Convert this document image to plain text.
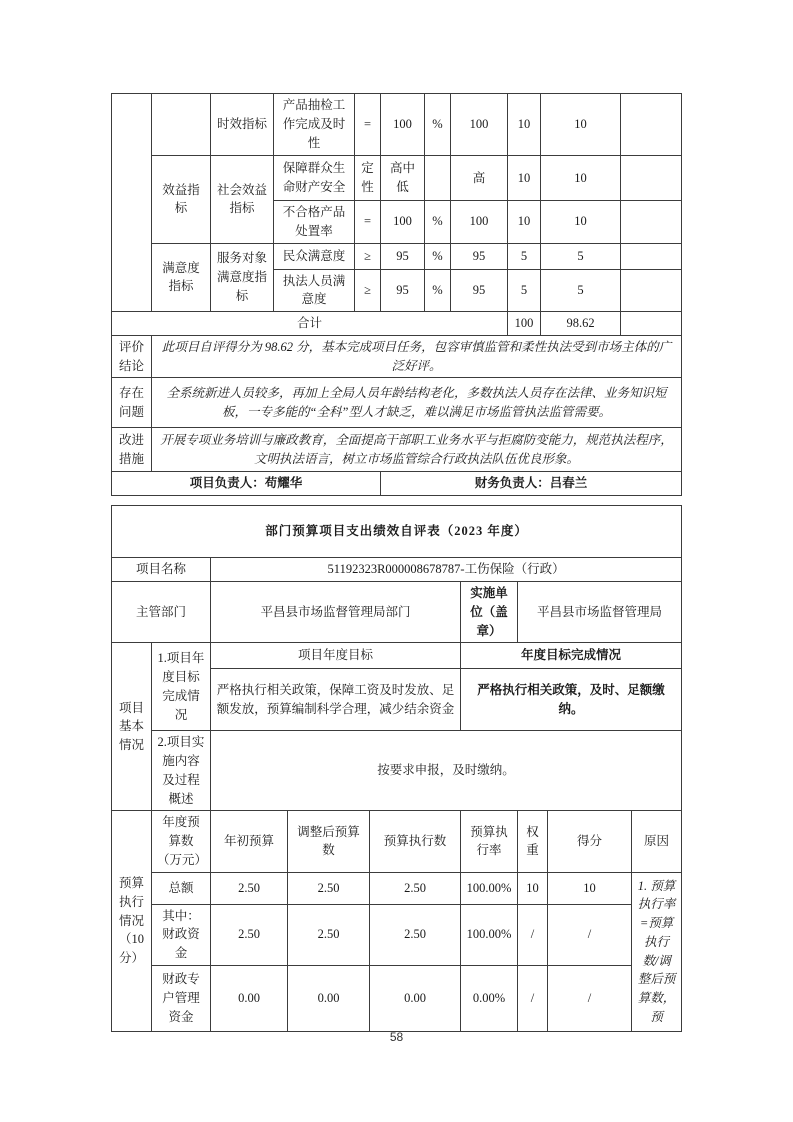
		时效指标	产品抽检工作完成及时性	=	100	%	100	10	10	
	效益指标	社会效益指标	保障群众生命财产安全	定性	高中低		高	10	10	
			不合格产品处置率	=	100	%	100	10	10	
	满意度指标	服务对象满意度指标	民众满意度	≥	95	%	95	5	5	
			执法人员满意度	≥	95	%	95	5	5	
合计								100	98.62	
评价结论	此项目自评得分为 98.62 分，基本完成项目任务，包容审慎监管和柔性执法受到市场主体的广泛好评。									
存在问题	全系统新进人员较多，再加上全局人员年龄结构老化，多数执法人员存在法律、业务知识短板，一专多能的“全科”型人才缺乏，难以满足市场监管执法监管需要。									
改进措施	开展专项业务培训与廉政教育，全面提高干部职工业务水平与拒腐防变能力，规范执法程序，文明执法语言，树立市场监管综合行政执法队伍优良形象。									
项目负责人：苟耀华					财务负责人：吕春兰					
部门预算项目支出绩效自评表（2023 年度）								
项目名称		51192323R000008678787-工伤保险（行政）						
主管部门		平昌县市场监督管理局部门			实施单位（盖章）	平昌县市场监督管理局		
项目基本情况	1.项目年度目标完成情况	项目年度目标			年度目标完成情况			
		严格执行相关政策，保障工资及时发放、足额发放，预算编制科学合理，减少结余资金			严格执行相关政策，及时、足额缴纳。			
	2.项目实施内容及过程概述	按要求申报，及时缴纳。						
预算执行情况（10 分）	年度预算数（万元）	年初预算	调整后预算数	预算执行数	预算执行率	权重	得分	原因
	总额	2.50	2.50	2.50	100.00%	10	10	1. 预算执行率=预算执行数/调整后预算数，预
	其中：财政资金	2.50	2.50	2.50	100.00%	/	/	
	财政专户管理资金	0.00	0.00	0.00	0.00%	/	/	
58
